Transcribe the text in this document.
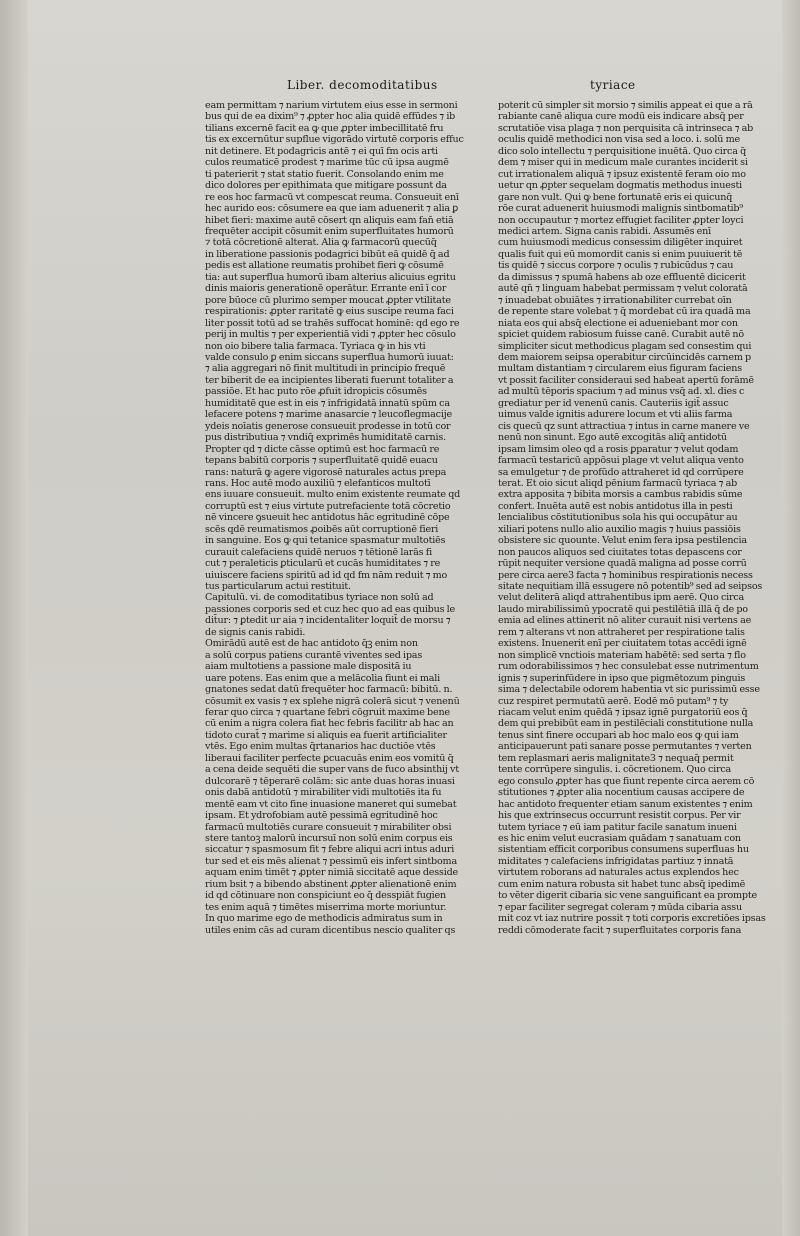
Liber. decomoditatibus	tyriace
eam permittam ⁊ narium virtutem eius esse in sermoni
bus qui de ea dixim⁹ ⁊ ꝓpter hoc alia quidē effūdes ⁊ ib
tilians excernē facit ea ꝙ que ꝓpter imbecillitatē fru
tis ex excernūtur supflue vigorādo virtutē corporis effuc
nit detinere. Et podagricis antē ⁊ ei quī fm ocis arti
culos reumaticē prodest ⁊ marime tūc cū ipsa augmē
ti paterierit ⁊ stat statio fuerit. Consolando enim me
dico dolores per epithimata que mitigare possunt da
re eos hoc farmacū vt compescat reuma. Consueuit enī
hec aurido eos: cōsumere ea que iam aduenerit ⁊ alia ꝑ
hibet fieri: maxime autē cōsert qn aliquis eam fan̄ etiā
frequēter accipit cōsumit enim superfluitates humorū
⁊ totā cōcretionē alterat. Alia ꝙ farmacorū quecūq̄
in liberatione passionis podagrici bibūt eā quidē q̄ ad
pedis est allatione reumatis prohibet fieri ꝙ cōsumē
tia: aut superflua humorū ibam alterius alicuius egritu
dinis maioris generationē operātur. Errante enī ī cor
pore būoce cū plurimo semper moucat ꝓpter vtilitate
respirationis: ꝓpter raritatē ꝙ eius suscipe reuma faci
liter possit totū ad se trahēs suffocat hominē: qd ego re
perij in multis ⁊ per experientiā vidi ⁊ ꝓpter hec cōsulo
non oio bibere talia farmaca. Tyriaca ꝙ in his vti
valde consulo ꝑ enim siccans superflua humorū iuuat:
⁊ alia aggregari nō finit multitudi in principio frequē
ter biberit de ea incipientes liberati fuerunt totaliter a
passiōe. Et hac puto rōe ꝓfuit idropicis cōsumēs
humiditatē que est in eis ⁊ infrigidatā innatū spūm ca
lefacere potens ⁊ marime anasarcie ⁊ leucoflegmacije
ydeis noīatis generose consueuit prodesse in totū cor
pus distributiua ⁊ vndiq̄ exprimēs humiditatē carnis.
Propter qd ⁊ dicte cāsse optimū est hoc farmacū re
tepans babitū corporis ⁊ superfluitatē quidē euacu
rans: naturā ꝙ agere vigorosē naturales actus prepa
rans. Hoc autē modo auxiliū ⁊ elefanticos multotī
ens iuuare consueuit. multo enim existente reumate qd
corruptū est ⁊ eius virtute putrefaciente totā cōcretio
nē vincere ꝯsueuit hec antidotus hāc egritudinē cōpe
scēs qdē reumatismos ꝓoibēs aūt corruptionē fieri
in sanguine. Eos ꝙ qui tetanice spasmatur multotiēs
curauit calefaciens quidē neruos ⁊ tētionē larās fi
cut ⁊ peraleticis ꝑticularū et cucās humiditates ⁊ re
uiuiscere faciens spiritū ad id qd fm nām reduit ⁊ mo
tus particularum actui restituit.
Capitulū. vi. de comoditatibus tyriace non solū ad
passiones corporis sed et cuz hec quo ad eas quibus le
dit̄ur: ⁊ ꝑtedit ur aia ⁊ incidentaliter loquit̄ de morsu ⁊
de signis canis rabidi.
Omirādū autē est de hac antidoto q̄ꝫ enim non
a solū corpus patiens curantē viventes sed ipas
aiam multotiens a passione male dispositā iu
uare potens. Eas enim que a melācolia fiunt ei mali
gnatones sedat datū frequēter hoc farmacū: bibitū. n.
cōsumit ex vasis ⁊ ex splehe nigrā colerā sicut ⁊ venenū
ferar quo circa ⁊ quartane febri cōgruit maxime bene
cū enim a nigra colera fiat hec febris facilitr ab hac an
tidoto curat̄ ⁊ marime si aliquis ea fuerit artificialiter
vtēs. Ego enim multas q̄rtanarios hac ductiōe vtēs
liberaui faciliter perfecte ꝑcuacuās enim eos vomitū q̄
a cena deide sequēti die super vans de fuco absinthij vt
dulcorarē ⁊ tēperarē colām: sic ante duas horas inuasi
onis dabā antidotū ⁊ mirabiliter vidi multotiēs ita fu
mentē eam vt cito fine inuasione maneret qui sumebat
ipsam. Et ydrofobiam autē pessimā egritudinē hoc
farmacū multotiēs curare consueuit ⁊ mirabiliter obsi
stere tantoꝫ malorū incursuī non solū enim corpus eis
siccatur ⁊ spasmosum fit ⁊ febre aliqui acri intus aduri
tur sed et eis mēs alienat ⁊ pessimū eis infert sintboma
aquam enim timēt ⁊ ꝓpter nimiā siccitatē aque desside
rium bsit ⁊ a bibendo abstinent ꝓpter alienationē enim
id qd cōtinuare non conspiciunt eo q̄ desspiāt fugien
tes enim aquā ⁊ timētes miserrima morte moriuntur.
In quo marime ego de methodicis admiratus sum in
utiles enim cās ad curam dicentibus nescio qualiter qs
poterit cū simpler sit morsio ⁊ similis appeat ei que a rā
rabiante canē aliqua cure modū eis indicare absq̄ per
scrutatiōe visa plaga ⁊ non perquisita cā intrinseca ⁊ ab
oculis quidē methodici non visa sed a loco. i. solū me
dico solo intellectu ⁊ perquisitione inuētā. Quo circa q̄
dem ⁊ miser qui in medicum male curantes inciderit si
cut irrationalem aliquā ⁊ ipsuz existentē feram oio mo
uetur qn ꝓpter sequelam dogmatis methodus inuesti
gare non vult. Qui ꝙ bene fortunatē eris ei quicunq̄
rōe curat aduenerit huiusmodi malignis sintbomatib⁹
non occupautur ⁊ mortez effugiet faciliter ꝓpter loyci
medici artem. Signa canis rabidi. Assumēs enī
cum huiusmodi medicus consessim diligēter inquiret
qualis fuit qui eū momordit canis si enim puuiuerit tē
tis quidē ⁊ siccus corpore ⁊ oculis ⁊ rubicūdus ⁊ cau
da dimissus ⁊ spumā habens ab oze effluentē dicicerit
autē qn̄ ⁊ linguam habebat permissam ⁊ velut coloratā
⁊ inuadebat obuiātes ⁊ irrationabiliter currebat oīn
de repente stare volebat ⁊ q̄ mordebat cū ira quadā ma
niata eos qui absq̄ electione ei adueniebant mor con
spiciet quidem rabiosum fuisse canē. Curabit autē nō
simpliciter sicut methodicus plagam sed consestim qui
dem maiorem seipsa operabitur circūincidēs carnem p
multam distantiam ⁊ circularem eius figuram faciens
vt possit faciliter consideraui sed habeat apertū forāmē
ad multū tēporis spacium ⁊ ad minus vsq̄ ad. xl. dies c
grediatur per id venenū canis. Cauteriis igit̄ assuc
uimus valde ignitis adurere locum et vti aliis farma
cis quecū qz sunt attractiua ⁊ intus in carne manere ve
nenū non sinunt. Ego autē excogitās aliq̄ antidotū
ipsam limsim oleo qd a rosis ꝑparatur ⁊ velut qodam
farmacū testaricū appōsui plage vt velut aliqua vento
sa emulgetur ⁊ de profūdo attraheret id qd corrūpere
terat. Et oio sicut aliqd pēnium farmacū tyriaca ⁊ ab
extra apposita ⁊ bibita morsis a cambus rabidis sūme
confert. Inuēta autē est nobis antidotus illa in pesti
lencialibus cōstitutionibus sola his qui occupātur au
xiliari potens nullo alio auxilio magis ⁊ huius passiōis
obsistere sic quounte. Velut enim fera ipsa pestilencia
non paucos aliquos sed ciuitates totas depascens cor
rūpit nequiter versione quadā maligna ad posse corrū
pere circa aere3 facta ⁊ hominibus respirationis necess
sitate nequitiam illā essugere nō potentib⁹ sed ad seipsos
velut deliterā aliqd attrahentibus ipm aerē. Quo circa
laudo mirabilissimū ypocratē qui pestilētiā illā q̄ de po
emia ad elines attinerit nō aliter curauit nisi vertens ae
rem ⁊ alterans vt non attraheret per respiratione talis
existens. Inuenerit enī per ciuitatem totas accēdi ignē
non simplicē vnctiois materiam habētē: sed serta ⁊ flo
rum odorabilissimos ⁊ hec consulebat esse nutrimentum
ignis ⁊ superinfūdere in ipso que pigmētozum pinguis
sima ⁊ delectabile odorem habentia vt sic purissimū esse
cuz respiret permutatū aerē. Eodē mō putam⁹ ⁊ ty
riacam velut enim quēdā ⁊ ipsaz ignē purgatoriū eos q̄
dem qui prebibūt eam in pestilēciali constitutione nulla
tenus sint finere occupari ab hoc malo eos ꝙ qui iam
anticipauerunt pati sanare posse permutantes ⁊ verten
tem replasmari aeris malignitate3 ⁊ nequaq̄ permit
tente corrūpere singulis. i. cōcretionem. Quo circa
ego consulo ꝓpter has que fiunt repente circa aerem cō
stitutiones ⁊ ꝓpter alia nocentium causas accipere de
hac antidoto frequenter etiam sanum existentes ⁊ enim
his que extrinsecus occurrunt resistit corpus. Per vir
tutem tyriace ⁊ eū iam patitur facile sanatum inueni
es hic enim velut eucrasiam quādam ⁊ sanatuam con
sistentiam efficit corporibus consumens superfluas hu
miditates ⁊ calefaciens infrigidatas partiuz ⁊ innatā
virtutem roborans ad naturales actus explendos hec
cum enim natura robusta sit habet tunc absq̄ ipedimē
to vēter digerit cibaria sic vene sanguificant ea prompte
⁊ epar faciliter segregat coleram ⁊ mūda cibaria assu
mit coz vt iaz nutrire possit ⁊ toti corporis excretiōes ipsas
reddi cōmoderate facit ⁊ superfluitates corporis fana
